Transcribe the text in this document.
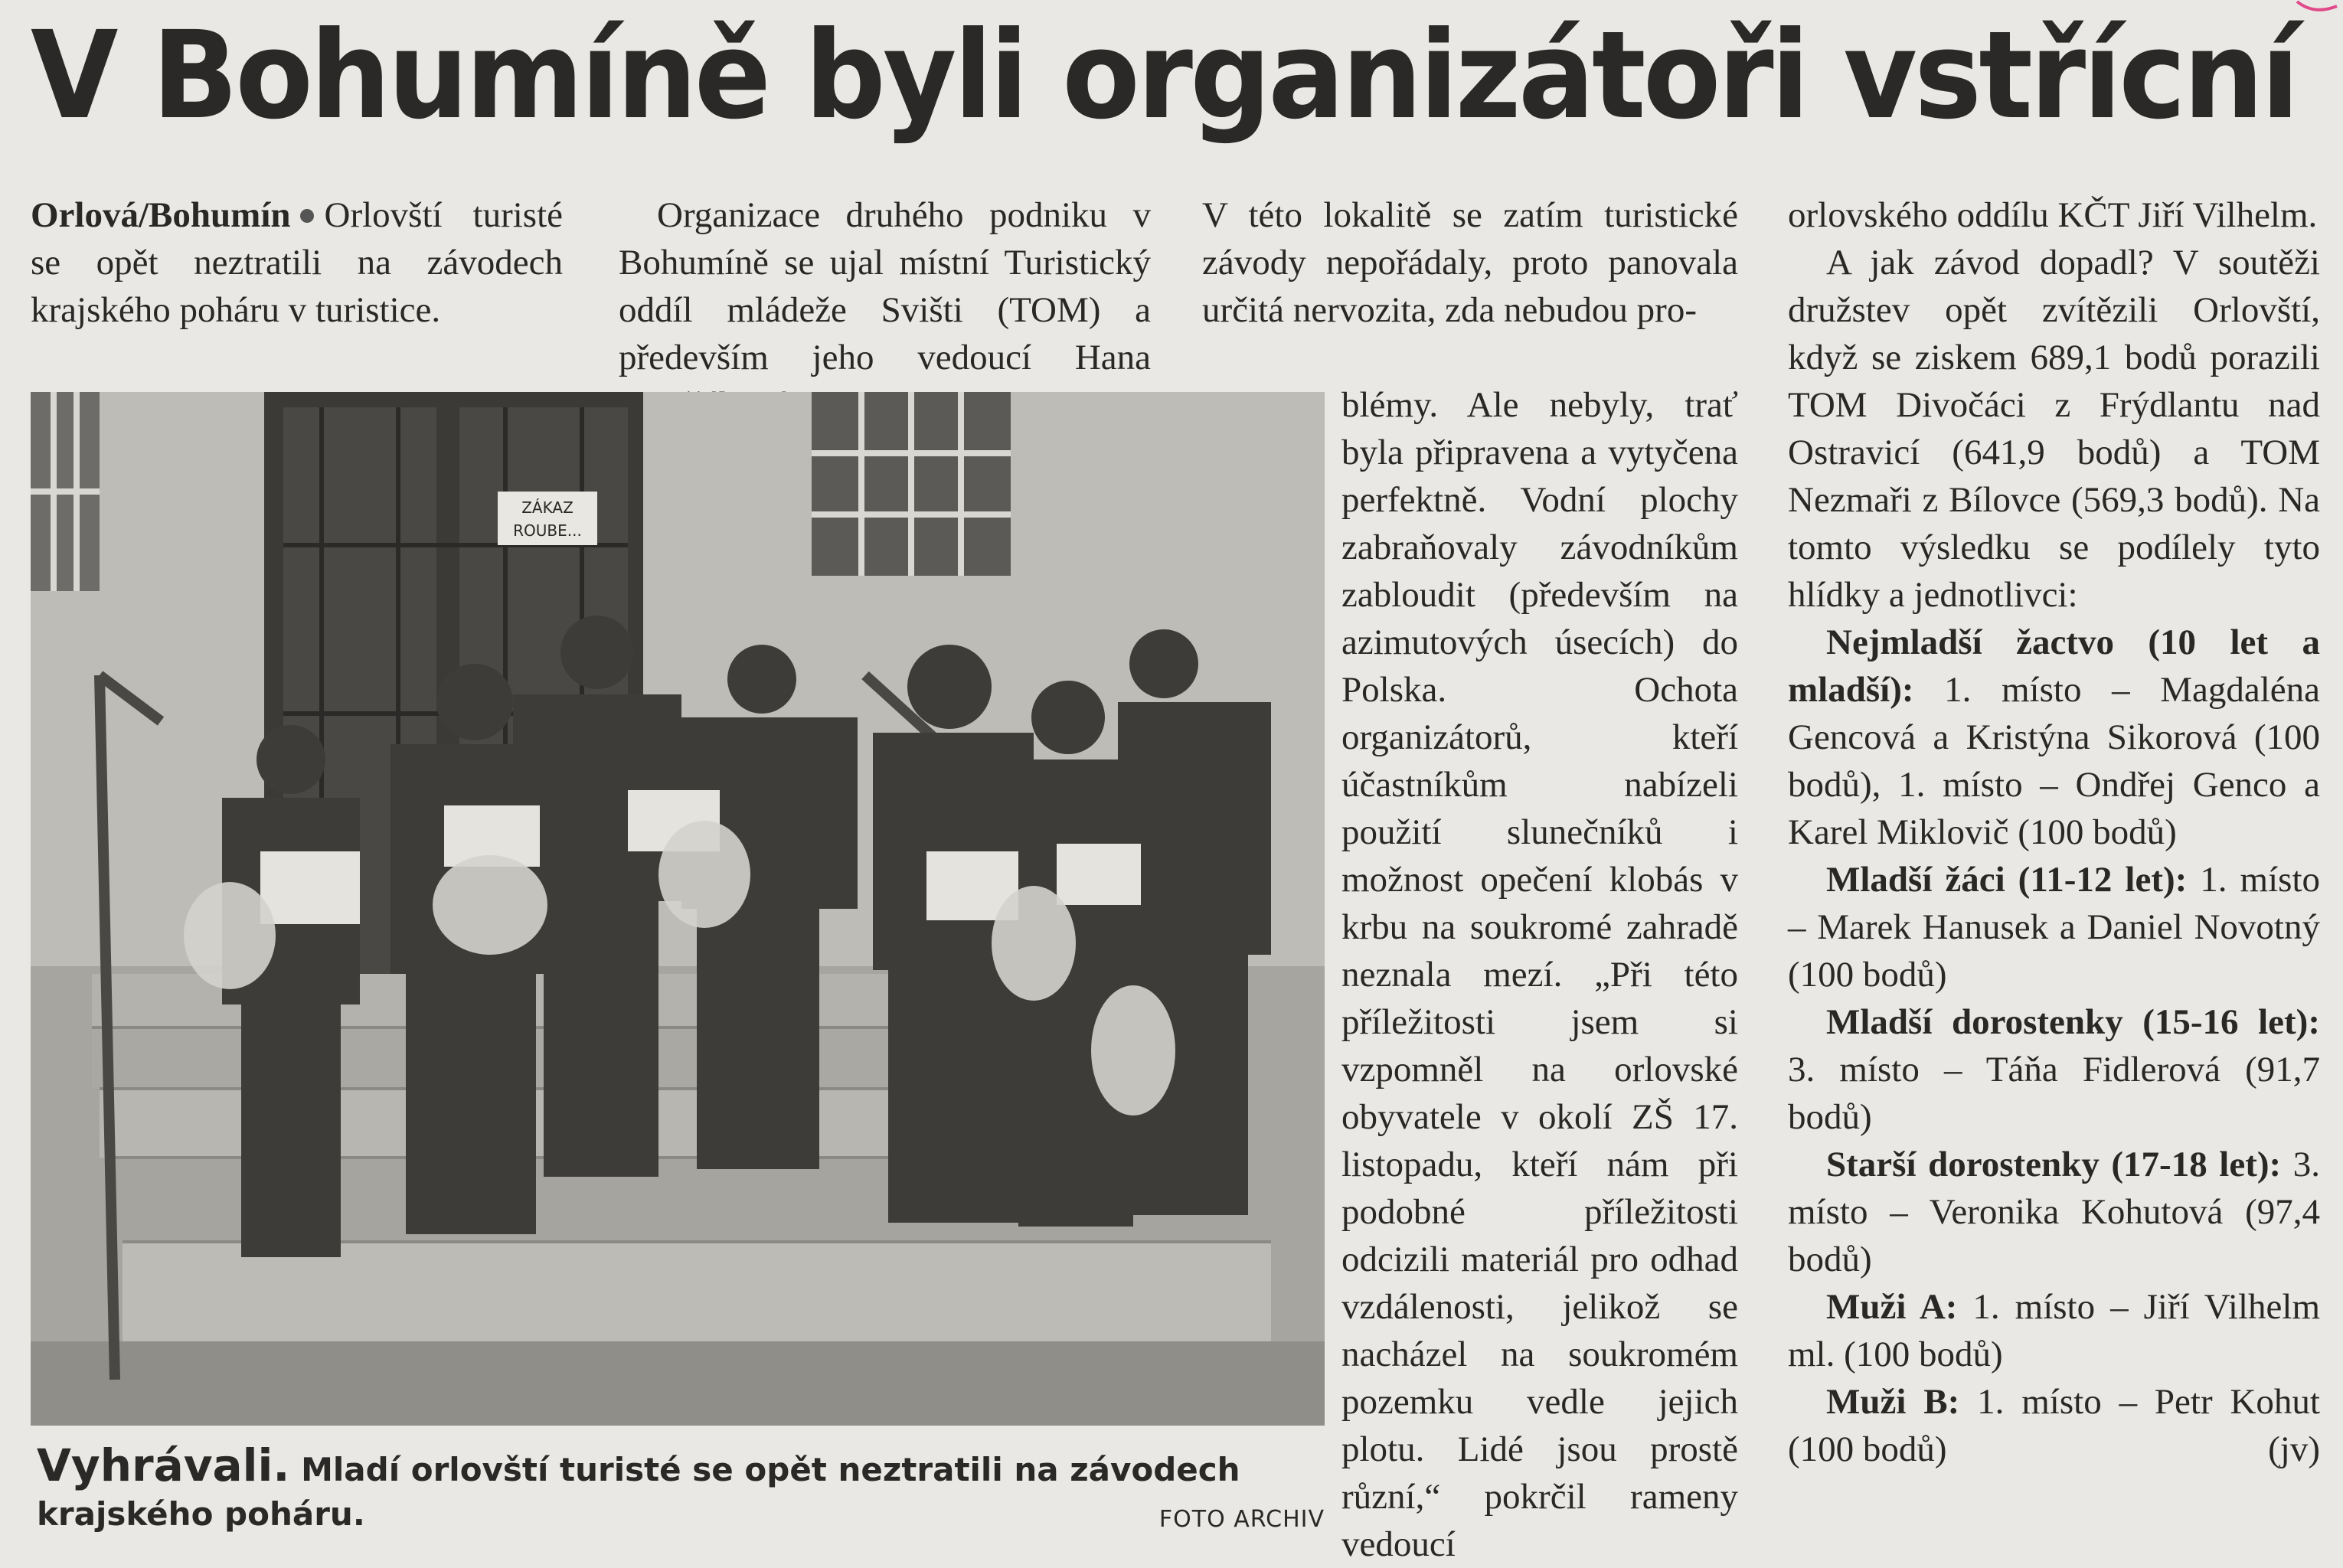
V Bohumíně byli organizátoři vstřícní
Orlová/Bohumín Orlovští turisté se opět neztratili na závodech krajského poháru v turistice.

Organizace druhého podniku v Bohumíně se ujal místní Turistický oddíl mládeže Svišti (TOM) a především jeho vedoucí Hana

V této lokalitě se zatím turistické závody nepořádaly, proto panovala určitá nervozita, zda nebudou pro-

blémy. Ale nebyly, trať byla připravena a vytyčena perfektně. Vodní plochy zabraňovaly závodníkům zabloudit (především na azimutových úsecích) do Polska. Ochota organizátorů, kteří účastníkům nabízeli použití slunečníků i možnost opečení klobás v krbu na soukromé zahradě neznala mezí. „Při této příležitosti jsem si vzpomněl na orlovské obyvatele v okolí ZŠ 17. listopadu, kteří nám při podobné příležitosti odcizili materiál pro odhad vzdálenosti, jelikož se nacházel na soukromém pozemku vedle jejich plotu. Lidé jsou prostě různí,“ pokrčil rameny vedoucí

orlovského oddílu KČT Jiří Vilhelm.

A jak závod dopadl? V soutěži družstev opět zvítězili Orlovští, když se ziskem 689,1 bodů porazili TOM Divočáci z Frýdlantu nad Ostravicí (641,9 bodů) a TOM Nezmaři z Bílovce (569,3 bodů). Na tomto výsledku se podílely tyto hlídky a jednotlivci:

Nejmladší žactvo (10 let a mladší): 1. místo – Magdaléna Gencová a Kristýna Sikorová (100 bodů), 1. místo – Ondřej Genco a Karel Miklovič (100 bodů)

Mladší žáci (11-12 let): 1. místo – Marek Hanusek a Daniel Novotný (100 bodů)

Mladší dorostenky (15-16 let): 3. místo – Táňa Fidlerová (91,7 bodů)

Starší dorostenky (17-18 let): 3. místo – Veronika Kohutová (97,4 bodů)

Muži A: 1. místo – Jiří Vilhelm ml. (100 bodů)

Muži B: 1. místo – Petr Kohut (100 bodů)	(jv)

ZÁKAZ
ROUBE...
Vyhrávali. Mladí orlovští turisté se opět neztratili na závodech krajského poháru.	FOTO ARCHIV
